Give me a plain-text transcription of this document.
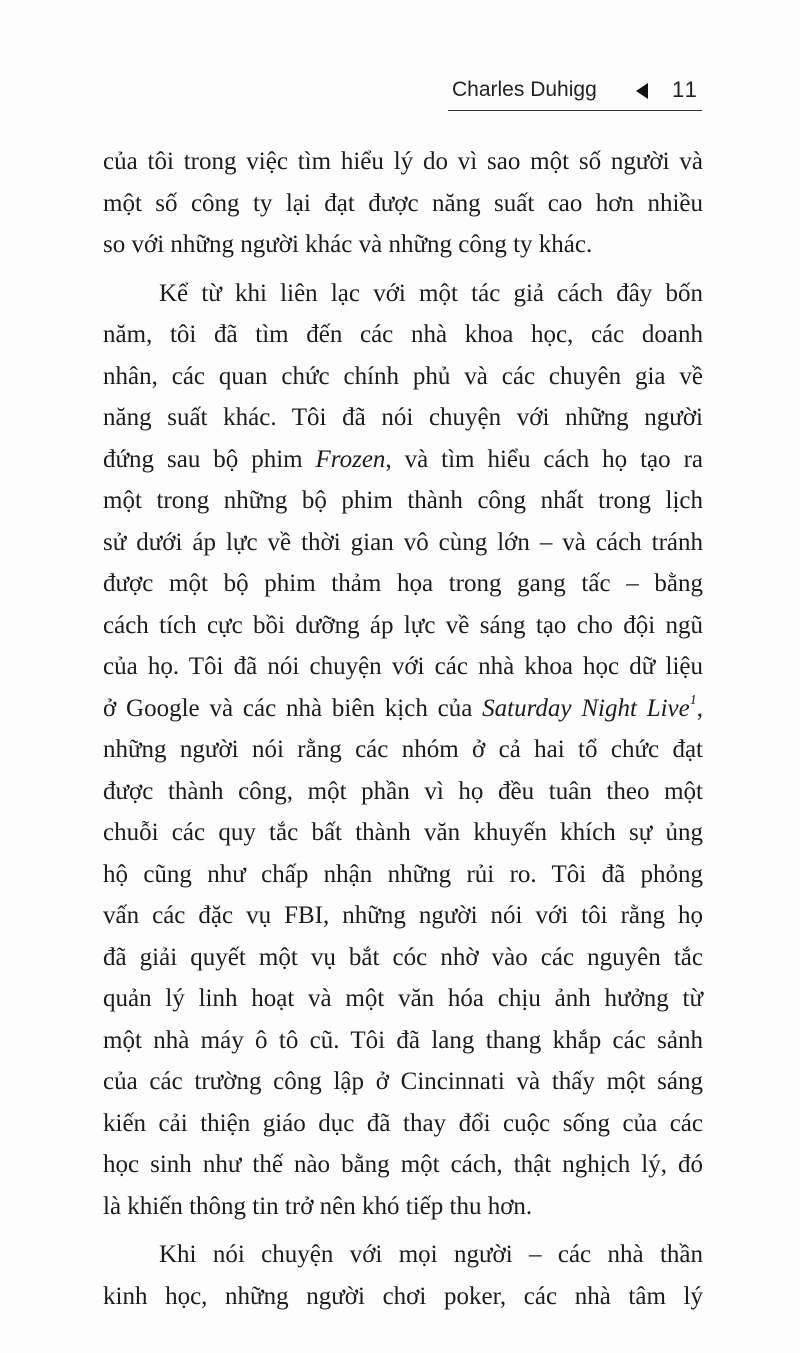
Charles Duhigg	11
của tôi trong việc tìm hiểu lý do vì sao một số người và
một số công ty lại đạt được năng suất cao hơn nhiều
so với những người khác và những công ty khác.
Kể từ khi liên lạc với một tác giả cách đây bốn
năm, tôi đã tìm đến các nhà khoa học, các doanh
nhân, các quan chức chính phủ và các chuyên gia về
năng suất khác. Tôi đã nói chuyện với những người
đứng sau bộ phim Frozen, và tìm hiểu cách họ tạo ra
một trong những bộ phim thành công nhất trong lịch
sử dưới áp lực về thời gian vô cùng lớn – và cách tránh
được một bộ phim thảm họa trong gang tấc – bằng
cách tích cực bồi dưỡng áp lực về sáng tạo cho đội ngũ
của họ. Tôi đã nói chuyện với các nhà khoa học dữ liệu
ở Google và các nhà biên kịch của Saturday Night Live$^1$,
những người nói rằng các nhóm ở cả hai tổ chức đạt
được thành công, một phần vì họ đều tuân theo một
chuỗi các quy tắc bất thành văn khuyến khích sự ủng
hộ cũng như chấp nhận những rủi ro. Tôi đã phỏng
vấn các đặc vụ FBI, những người nói với tôi rằng họ
đã giải quyết một vụ bắt cóc nhờ vào các nguyên tắc
quản lý linh hoạt và một văn hóa chịu ảnh hưởng từ
một nhà máy ô tô cũ. Tôi đã lang thang khắp các sảnh
của các trường công lập ở Cincinnati và thấy một sáng
kiến cải thiện giáo dục đã thay đổi cuộc sống của các
học sinh như thế nào bằng một cách, thật nghịch lý, đó
là khiến thông tin trở nên khó tiếp thu hơn.
Khi nói chuyện với mọi người – các nhà thần
kinh học, những người chơi poker, các nhà tâm lý
